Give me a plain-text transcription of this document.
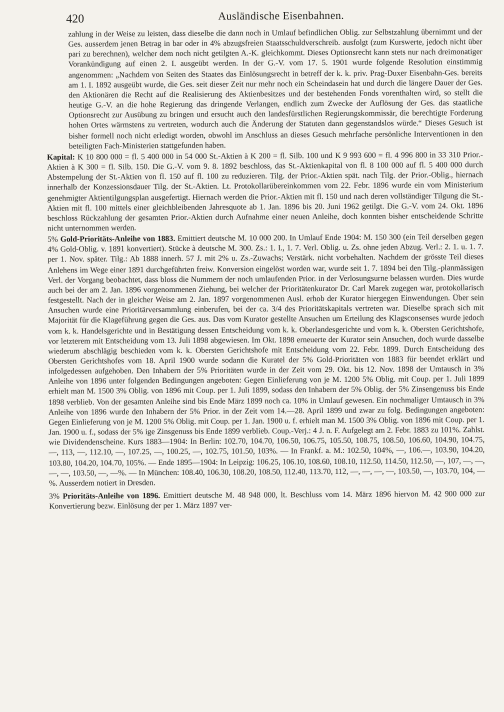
420	Ausländische Eisenbahnen.

zahlung in der Weise zu leisten, dass dieselbe die dann noch in Umlauf befindlichen Oblig. zur Selbstzahlung übernimmt und der Ges. ausserdem jenen Betrag in bar oder in 4% abzugsfreien Staatsschuldverschreib. ausfolgt (zum Kurswerte, jedoch nicht über pari zu berechnen), welcher dem noch nicht getilgten A.-K. gleichkommt. Dieses Optionsrecht kann stets nur nach dreimonatiger Vorankündigung auf einen 2. I. ausgeübt werden. In der G.-V. vom 17. 5. 1901 wurde folgende Resolution einstimmig angenommen: „Nachdem von Seiten des Staates das Einlösungsrecht in betreff der k. k. priv. Prag-Duxer Eisenbahn-Ges. bereits am 1. I. 1892 ausgeübt wurde, die Ges. seit dieser Zeit nur mehr noch ein Scheindasein hat und durch die längere Dauer der Ges. den Aktionären die Recht auf die Realisierung des Aktienbesitzes und der bestehenden Fonds vorenthalten wird, so stellt die heutige G.-V. an die hohe Regierung das dringende Verlangen, endlich zum Zwecke der Auflösung der Ges. das staatliche Optionsrecht zur Ausübung zu bringen und ersucht auch den landesfürstlichen Regierungskommissär, die berechtigte Forderung hohen Ortes wärmstens zu vertreten, wodurch auch die Änderung der Statuten dann gegenstandslos würde.“ Dieses Gesuch ist bisher formell noch nicht erledigt worden, obwohl im Anschluss an dieses Gesuch mehrfache persönliche Interventionen in den beteiligten Fach-Ministerien stattgefunden haben.

Kapital: K 10 800 000 = fl. 5 400 000 in 54 000 St.-Aktien à K 200 = fl. Silb. 100 und K 9 993 600 = fl. 4 996 800 in 33 310 Prior.-Aktien à K 300 = fl. Silb. 150. Die G.-V. vom 9. 8. 1892 beschloss, das St.-Aktienkapital von fl. 8 100 000 auf fl. 5 400 000 durch Abstempelung der St.-Aktien von fl. 150 auf fl. 100 zu reduzieren. Tilg. der Prior.-Aktien spät. nach Tilg. der Prior.-Oblig., hiernach innerhalb der Konzessionsdauer Tilg. der St.-Aktien. Lt. Protokollarübereinkommen vom 22. Febr. 1896 wurde ein vom Ministerium genehmigter Aktientilgungsplan ausgefertigt. Hiernach werden die Prior.-Aktien mit fl. 150 und nach deren vollständiger Tilgung die St.-Aktien mit fl. 100 mittels einer gleichbleibenden Jahresquote ab 1. Jan. 1896 bis 20. Juni 1962 getilgt. Die G.-V. vom 24. Okt. 1896 beschloss Rückzahlung der gesamten Prior.-Aktien durch Aufnahme einer neuen Anleihe, doch konnten bisher entscheidende Schritte nicht unternommen werden.

5% Gold-Prioritäts-Anleihe von 1883. Emittiert deutsche M. 10 000 200. In Umlauf Ende 1904: M. 150 300 (ein Teil derselben gegen 4% Gold-Oblig. v. 1891 konvertiert). Stücke à deutsche M. 300. Zs.: 1. I., 1. 7. Verl. Oblig. u. Zs. ohne jeden Abzug. Verl.: 2. 1. u. 1. 7. per 1. Nov. später. Tilg.: Ab 1888 innerh. 57 J. mit 2% u. Zs.-Zuwachs; Verstärk. nicht vorbehalten. Nachdem der grösste Teil dieses Anlehens im Wege einer 1891 durchgeführten freiw. Konversion eingelöst worden war, wurde seit 1. 7. 1894 bei den Tilg.-planmässigen Verl. der Vorgang beobachtet, dass bloss die Nummern der noch umlaufenden Prior. in der Verlosungsurne belassen wurden. Dies wurde auch bei der am 2. Jan. 1896 vorgenommenen Ziehung, bei welcher der Prioritätenkurator Dr. Carl Marek zugegen war, protokollarisch festgestellt. Nach der in gleicher Weise am 2. Jan. 1897 vorgenommenen Ausl. erhob der Kurator hiergegen Einwendungen. Über sein Ansuchen wurde eine Prioritärversammlung einberufen, bei der ca. 3/4 des Prioritätskapitals vertreten war. Dieselbe sprach sich mit Majorität für die Klageführung gegen die Ges. aus. Das vom Kurator gestellte Ansuchen um Erteilung des Klagsconsenses wurde jedoch vom k. k. Handelsgerichte und in Bestätigung dessen Entscheidung vom k. k. Oberlandesgerichte und vom k. k. Obersten Gerichtshofe, vor letzterem mit Entscheidung vom 13. Juli 1898 abgewiesen. Im Okt. 1898 erneuerte der Kurator sein Ansuchen, doch wurde dasselbe wiederum abschlägig beschieden vom k. k. Obersten Gerichtshofe mit Entscheidung vom 22. Febr. 1899. Durch Entscheidung des Obersten Gerichtshofes vom 18. April 1900 wurde sodann die Kuratel der 5% Gold-Prioritäten von 1883 für beendet erklärt und infolgedessen aufgehoben. Den Inhabern der 5% Prioritäten wurde in der Zeit vom 29. Okt. bis 12. Nov. 1898 der Umtausch in 3% Anleihe von 1896 unter folgenden Bedingungen angeboten: Gegen Einlieferung von je M. 1200 5% Oblig. mit Coup. per 1. Juli 1899 erhielt man M. 1500 3% Oblig. von 1896 mit Coup. per 1. Juli 1899, sodass den Inhabern der 5% Oblig. der 5% Zinsengenuss bis Ende 1898 verblieb. Von der gesamten Anleihe sind bis Ende März 1899 noch ca. 10% in Umlauf gewesen. Ein nochmaliger Umtausch in 3% Anleihe von 1896 wurde den Inhabern der 5% Prior. in der Zeit vom 14.—28. April 1899 und zwar zu folg. Bedingungen angeboten: Gegen Einlieferung von je M. 1200 5% Oblig. mit Coup. per 1. Jan. 1900 u. f. erhielt man M. 1500 3% Oblig. von 1896 mit Coup. per 1. Jan. 1900 u. f., sodass der 5% ige Zinsgenuss bis Ende 1899 verblieb. Coup.-Verj.: 4 J. n. F. Aufgelegt am 2. Febr. 1883 zu 101%. Zahlst. wie Dividendenscheine. Kurs 1883—1904: In Berlin: 102.70, 104.70, 106.50, 106.75, 105.50, 108.75, 108.50, 106.60, 104.90, 104.75, —, 113, —, 112.10, —, 107.25, —, 100.25, —, 102.75, 101.50, 103%. — In Frankf. a. M.: 102.50, 104%, —, 106.—, 103.90, 104.20, 103.80, 104.20, 104.70, 105%. — Ende 1895—1904: In Leipzig: 106.25, 106.10, 108.60, 108.10, 112.50, 114.50, 112.50, —, 107, —, —, —, —, 103.50, —, —%. — In München: 108.40, 106.30, 108.20, 108.50, 112.40, 113.70, 112, —, —, —, —, 103.50, —, 103.70, 104, —%. Ausserdem notiert in Dresden.

3% Prioritäts-Anleihe von 1896. Emittiert deutsche M. 48 948 000, lt. Beschluss vom 14. März 1896 hiervon M. 42 900 000 zur Konvertierung bezw. Einlösung der per 1. März 1897 ver-
